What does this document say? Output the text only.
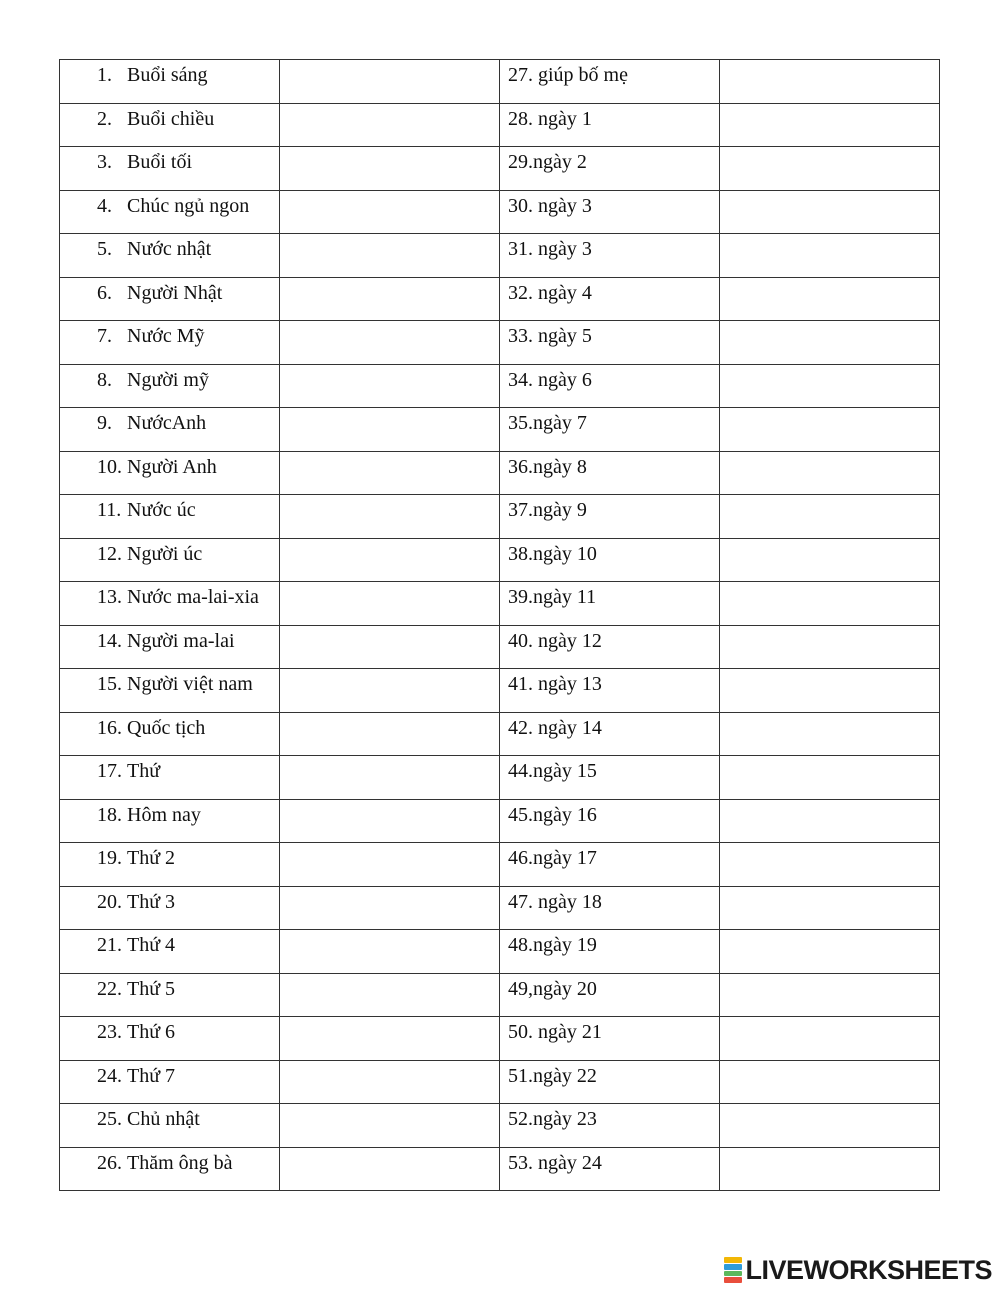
1. Buổi sáng		27. giúp bố mẹ

2. Buổi chiều		28. ngày 1

3. Buổi tối		29.ngày 2

4. Chúc ngủ ngon		30. ngày 3

5. Nước nhật		31. ngày 3

6. Người Nhật		32. ngày 4

7. Nước Mỹ		33. ngày 5

8. Người mỹ		34. ngày 6

9. NướcAnh		35.ngày 7

10. Người Anh		36.ngày 8

11. Nước úc		37.ngày 9

12. Người úc		38.ngày 10

13. Nước ma-lai-xia		39.ngày 11

14. Người ma-lai		40. ngày 12

15. Người việt nam		41. ngày 13

16. Quốc tịch		42. ngày 14

17. Thứ		44.ngày 15

18. Hôm nay		45.ngày 16

19. Thứ 2		46.ngày 17

20. Thứ 3		47. ngày 18

21. Thứ 4		48.ngày 19

22. Thứ 5		49,ngày 20

23. Thứ 6		50. ngày 21

24. Thứ 7		51.ngày 22

25. Chủ nhật		52.ngày 23

26. Thăm ông bà		53. ngày 24

LIVEWORKSHEETS
